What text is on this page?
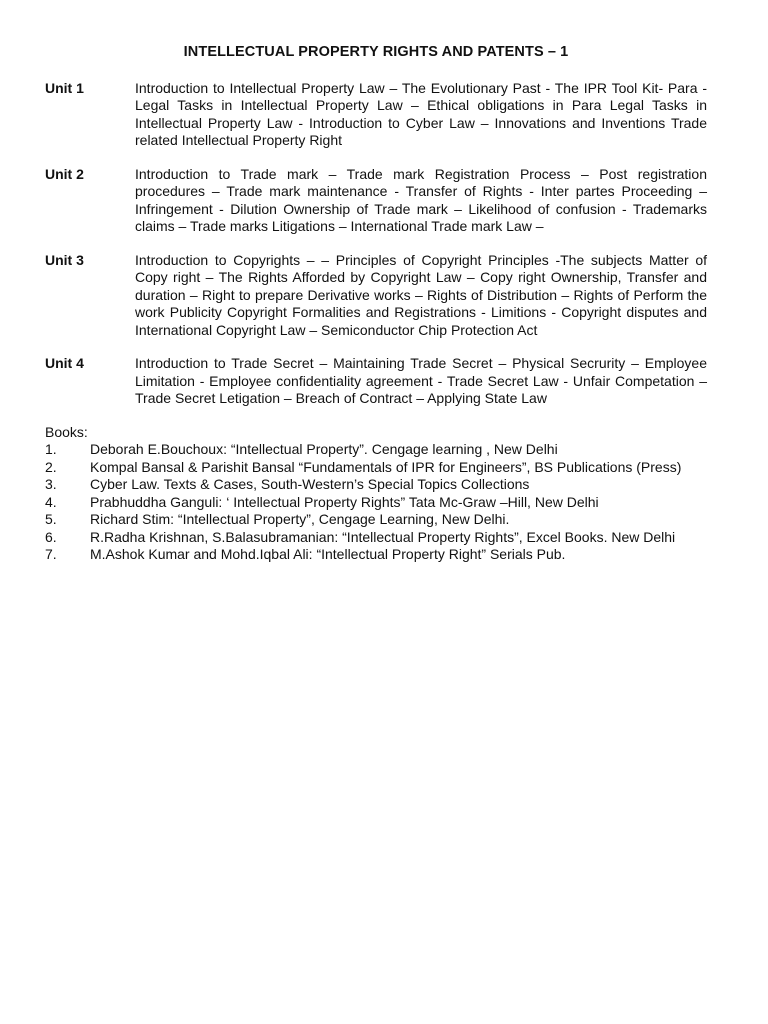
INTELLECTUAL PROPERTY RIGHTS AND PATENTS – 1
Unit 1	Introduction to Intellectual Property Law – The Evolutionary Past - The IPR Tool Kit- Para -Legal Tasks in Intellectual Property Law – Ethical obligations in Para Legal Tasks in Intellectual Property Law - Introduction to Cyber Law – Innovations and Inventions Trade related Intellectual Property Right
Unit 2	Introduction to Trade mark – Trade mark Registration Process – Post registration procedures – Trade mark maintenance - Transfer of Rights - Inter partes Proceeding – Infringement - Dilution Ownership of Trade mark – Likelihood of confusion - Trademarks claims – Trade marks Litigations – International Trade mark Law –
Unit 3	Introduction to Copyrights – – Principles of Copyright Principles -The subjects Matter of Copy right – The Rights Afforded by Copyright Law – Copy right Ownership, Transfer and duration – Right to prepare Derivative works – Rights of Distribution – Rights of Perform the work Publicity Copyright Formalities and Registrations - Limitions - Copyright disputes and International Copyright Law – Semiconductor Chip Protection Act
Unit 4	Introduction to Trade Secret – Maintaining Trade Secret – Physical Secrurity – Employee Limitation - Employee confidentiality agreement - Trade Secret Law - Unfair Competation – Trade Secret Letigation – Breach of Contract – Applying State Law
Books:
1.	Deborah E.Bouchoux: “Intellectual Property”. Cengage learning , New Delhi
2.	Kompal Bansal & Parishit Bansal “Fundamentals of IPR for Engineers”, BS Publications (Press)
3.	Cyber Law. Texts & Cases, South-Western’s Special Topics Collections
4.	Prabhuddha Ganguli: ‘ Intellectual Property Rights” Tata Mc-Graw –Hill, New Delhi
5.	Richard Stim: “Intellectual Property”, Cengage Learning, New Delhi.
6.	R.Radha Krishnan, S.Balasubramanian: “Intellectual Property Rights”, Excel Books. New Delhi
7.	M.Ashok Kumar and Mohd.Iqbal Ali: “Intellectual Property Right” Serials Pub.
